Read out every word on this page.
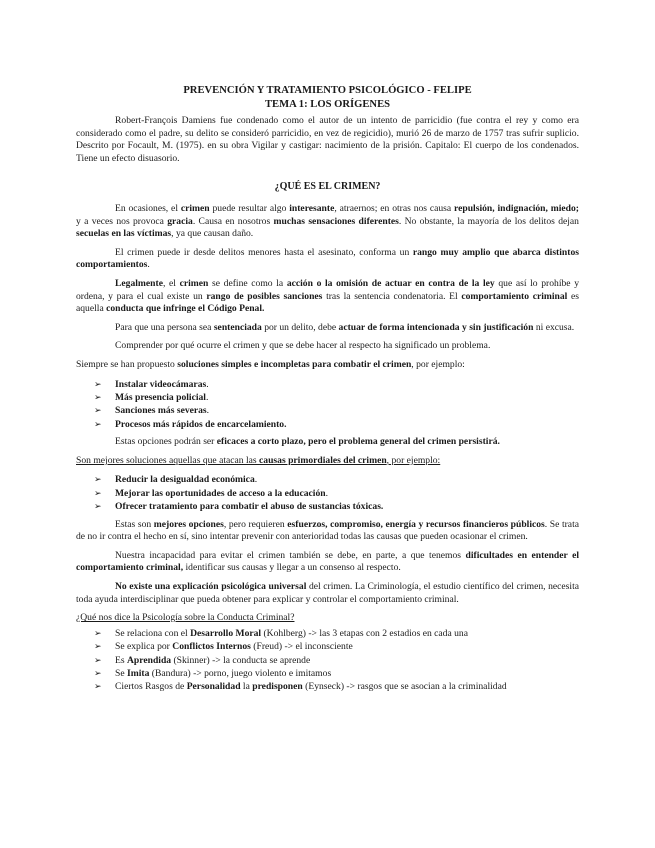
PREVENCIÓN Y TRATAMIENTO PSICOLÓGICO - FELIPE
TEMA 1: LOS ORÍGENES

Robert-François Damiens fue condenado como el autor de un intento de parricidio (fue contra el rey y como era considerado como el padre, su delito se consideró parricidio, en vez de regicidio), murió 26 de marzo de 1757 tras sufrir suplicio. Descrito por Focault, M. (1975). en su obra Vigilar y castigar: nacimiento de la prisión. Capitalo: El cuerpo de los condenados. Tiene un efecto disuasorio.

¿QUÉ ES EL CRIMEN?

En ocasiones, el crimen puede resultar algo interesante, atraernos; en otras nos causa repulsión, indignación, miedo; y a veces nos provoca gracia. Causa en nosotros muchas sensaciones diferentes. No obstante, la mayoría de los delitos dejan secuelas en las víctimas, ya que causan daño.

El crimen puede ir desde delitos menores hasta el asesinato, conforma un rango muy amplio que abarca distintos comportamientos.

Legalmente, el crimen se define como la acción o la omisión de actuar en contra de la ley que así lo prohíbe y ordena, y para el cual existe un rango de posibles sanciones tras la sentencia condenatoria. El comportamiento criminal es aquella conducta que infringe el Código Penal.

Para que una persona sea sentenciada por un delito, debe actuar de forma intencionada y sin justificación ni excusa.

Comprender por qué ocurre el crimen y que se debe hacer al respecto ha significado un problema.

Siempre se han propuesto soluciones simples e incompletas para combatir el crimen, por ejemplo:

➢ Instalar videocámaras.
➢ Más presencia policial.
➢ Sanciones más severas.
➢ Procesos más rápidos de encarcelamiento.

Estas opciones podrán ser eficaces a corto plazo, pero el problema general del crimen persistirá.

Son mejores soluciones aquellas que atacan las causas primordiales del crimen, por ejemplo:

➢ Reducir la desigualdad económica.
➢ Mejorar las oportunidades de acceso a la educación.
➢ Ofrecer tratamiento para combatir el abuso de sustancias tóxicas.

Estas son mejores opciones, pero requieren esfuerzos, compromiso, energía y recursos financieros públicos. Se trata de no ir contra el hecho en sí, sino intentar prevenir con anterioridad todas las causas que pueden ocasionar el crimen.

Nuestra incapacidad para evitar el crimen también se debe, en parte, a que tenemos dificultades en entender el comportamiento criminal, identificar sus causas y llegar a un consenso al respecto.

No existe una explicación psicológica universal del crimen. La Criminología, el estudio científico del crimen, necesita toda ayuda interdisciplinar que pueda obtener para explicar y controlar el comportamiento criminal.

¿Qué nos dice la Psicología sobre la Conducta Criminal?

➢ Se relaciona con el Desarrollo Moral (Kohlberg) -> las 3 etapas con 2 estadios en cada una
➢ Se explica por Conflictos Internos (Freud) -> el inconsciente
➢ Es Aprendida (Skinner) -> la conducta se aprende
➢ Se Imita (Bandura) -> porno, juego violento e imitamos
➢ Ciertos Rasgos de Personalidad la predisponen (Eynseck) -> rasgos que se asocian a la criminalidad
